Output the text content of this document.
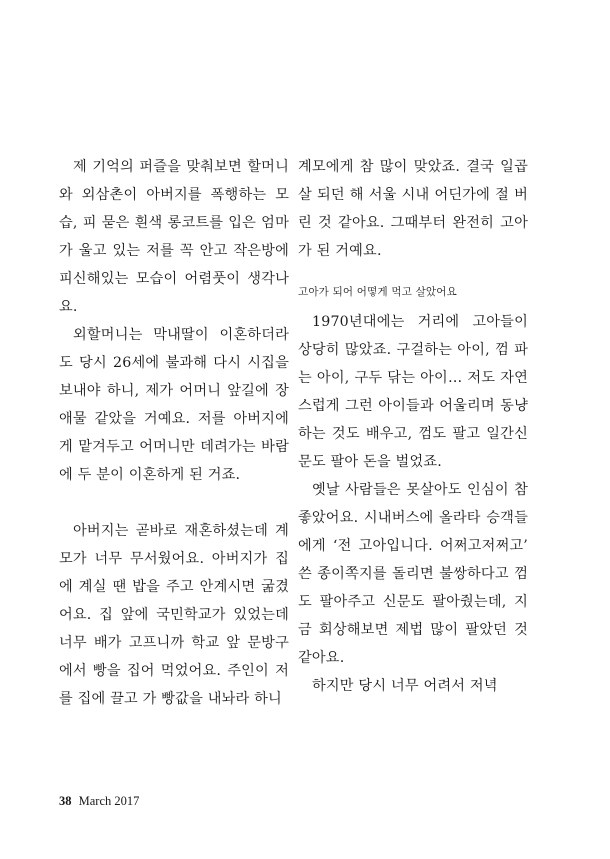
제 기억의 퍼즐을 맞춰보면 할머니와 외삼촌이 아버지를 폭행하는 모습, 피 묻은 흰색 롱코트를 입은 엄마가 울고 있는 저를 꼭 안고 작은방에 피신해있는 모습이 어렴풋이 생각나요.

외할머니는 막내딸이 이혼하더라도 당시 26세에 불과해 다시 시집을 보내야 하니, 제가 어머니 앞길에 장애물 같았을 거예요. 저를 아버지에게 맡겨두고 어머니만 데려가는 바람에 두 분이 이혼하게 된 거죠.

아버지는 곧바로 재혼하셨는데 계모가 너무 무서웠어요. 아버지가 집에 계실 땐 밥을 주고 안계시면 굶겼어요. 집 앞에 국민학교가 있었는데 너무 배가 고프니까 학교 앞 문방구에서 빵을 집어 먹었어요. 주인이 저를 집에 끌고 가 빵값을 내놔라 하니

계모에게 참 많이 맞았죠. 결국 일곱 살 되던 해 서울 시내 어딘가에 절 버린 것 같아요. 그때부터 완전히 고아가 된 거예요.

고아가 되어 어떻게 먹고 살았어요

1970년대에는 거리에 고아들이 상당히 많았죠. 구걸하는 아이, 껌 파는 아이, 구두 닦는 아이… 저도 자연스럽게 그런 아이들과 어울리며 동냥하는 것도 배우고, 껌도 팔고 일간신문도 팔아 돈을 벌었죠.

옛날 사람들은 못살아도 인심이 참 좋았어요. 시내버스에 올라타 승객들에게 ‘전 고아입니다. 어쩌고저쩌고’ 쓴 종이쪽지를 돌리면 불쌍하다고 껌도 팔아주고 신문도 팔아줬는데, 지금 회상해보면 제법 많이 팔았던 것 같아요.

하지만 당시 너무 어려서 저녁

38 March 2017
